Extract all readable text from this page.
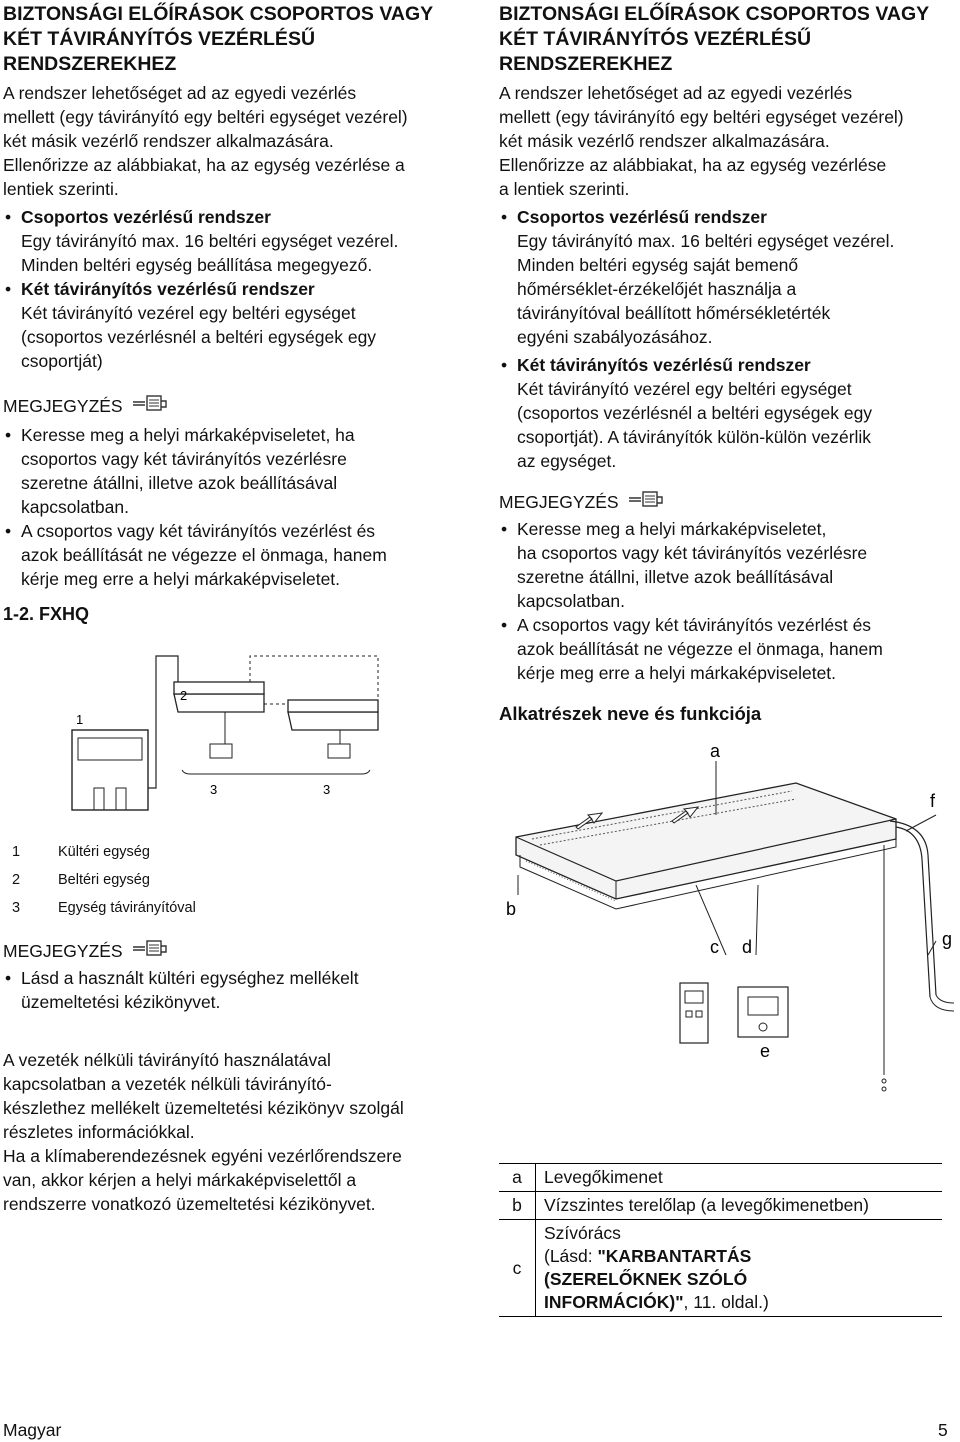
BIZTONSÁGI ELŐÍRÁSOK CSOPORTOS VAGY KÉT TÁVIRÁNYÍTÓS VEZÉRLÉSŰ RENDSZEREKHEZ
A rendszer lehetőséget ad az egyedi vezérlés
mellett (egy távirányító egy beltéri egységet vezérel)
két másik vezérlő rendszer alkalmazására.
Ellenőrizze az alábbiakat, ha az egység vezérlése a
lentiek szerinti.
• Csoportos vezérlésű rendszer
Egy távirányító max. 16 beltéri egységet vezérel.
Minden beltéri egység beállítása megegyező.
• Két távirányítós vezérlésű rendszer
Két távirányító vezérel egy beltéri egységet
(csoportos vezérlésnél a beltéri egységek egy
csoportját)
MEGJEGYZÉS
• Keresse meg a helyi márkaképviseletet, ha
csoportos vagy két távirányítós vezérlésre
szeretne átállni, illetve azok beállításával
kapcsolatban.
• A csoportos vagy két távirányítós vezérlést és
azok beállítását ne végezze el önmaga, hanem
kérje meg erre a helyi márkaképviseletet.
1-2. FXHQ
1
2
3	3
1	Kültéri egység
2	Beltéri egység
3	Egység távirányítóval
MEGJEGYZÉS
• Lásd a használt kültéri egységhez mellékelt
üzemeltetési kézikönyvet.
A vezeték nélküli távirányító használatával
kapcsolatban a vezeték nélküli távirányító-
készlethez mellékelt üzemeltetési kézikönyv szolgál
részletes információkkal.
Ha a klímaberendezésnek egyéni vezérlőrendszere
van, akkor kérjen a helyi márkaképviselettől a
rendszerre vonatkozó üzemeltetési kézikönyvet.
BIZTONSÁGI ELŐÍRÁSOK CSOPORTOS VAGY KÉT TÁVIRÁNYÍTÓS VEZÉRLÉSŰ RENDSZEREKHEZ
A rendszer lehetőséget ad az egyedi vezérlés
mellett (egy távirányító egy beltéri egységet vezérel)
két másik vezérlő rendszer alkalmazására.
Ellenőrizze az alábbiakat, ha az egység vezérlése
a lentiek szerinti.
• Csoportos vezérlésű rendszer
Egy távirányító max. 16 beltéri egységet vezérel.
Minden beltéri egység saját bemenő
hőmérséklet-érzékelőjét használja a
távirányítóval beállított hőmérsékletérték
egyéni szabályozásához.
• Két távirányítós vezérlésű rendszer
Két távirányító vezérel egy beltéri egységet
(csoportos vezérlésnél a beltéri egységek egy
csoportját). A távirányítók külön-külön vezérlik
az egységet.
MEGJEGYZÉS
• Keresse meg a helyi márkaképviseletet,
ha csoportos vagy két távirányítós vezérlésre
szeretne átállni, illetve azok beállításával
kapcsolatban.
• A csoportos vagy két távirányítós vezérlést és
azok beállítását ne végezze el önmaga, hanem
kérje meg erre a helyi márkaképviseletet.
Alkatrészek neve és funkciója
a
f
b
c d	g
e
a	Levegőkimenet

b	Vízszintes terelőlap (a levegőkimenetben)

c	Szívórács
(Lásd: "KARBANTARTÁS
(SZERELŐKNEK SZÓLÓ
INFORMÁCIÓK)", 11. oldal.)
Magyar	5
